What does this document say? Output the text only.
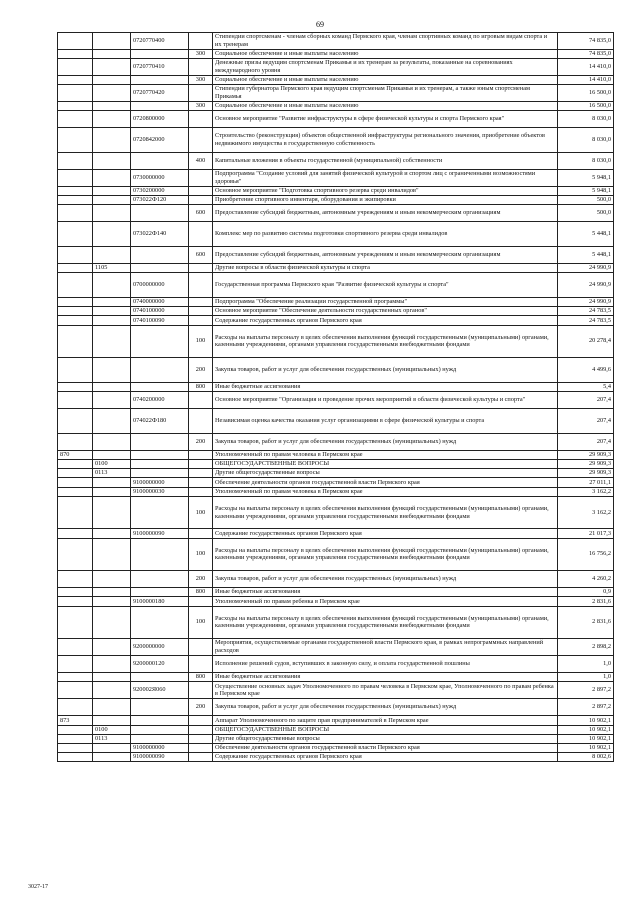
69
		0720770400		Стипендии спортсменам - членам сборных команд Пермского края, членам спортивных команд по игровым видам спорта и их тренерам	74 835,0
			300	Социальное обеспечение и иные выплаты населению	74 835,0
		0720770410		Денежные призы ведущим спортсменам Прикамья и их тренерам за результаты, показанные на соревнованиях международного уровня	14 410,0
			300	Социальное обеспечение и иные выплаты населению	14 410,0
		0720770420		Стипендии губернатора Пермского края ведущим спортсменам Прикамья и их тренерам, а также юным спортсменам Прикамья	16 500,0
			300	Социальное обеспечение и иные выплаты населению	16 500,0
		0720800000		Основное мероприятие "Развитие инфраструктуры в сфере физической культуры и спорта Пермского края"	8 030,0
		0720842000		Строительство (реконструкция) объектов общественной инфраструктуры регионального значения, приобретение объектов недвижимого имущества в государственную собственность	8 030,0
			400	Капитальные вложения в объекты государственной (муниципальной) собственности	8 030,0
		0730000000		Подпрограмма "Создание условий для занятий физической культурой и спортом лиц с ограниченными возможностями здоровья"	5 948,1
		0730200000		Основное мероприятие "Подготовка спортивного резерва среди инвалидов"	5 948,1
		073022Ф120		Приобретение спортивного инвентаря, оборудования и экипировки	500,0
			600	Предоставление субсидий бюджетным, автономным учреждениям и иным некоммерческим организациям	500,0
		073022Ф140		Комплекс мер по развитию системы подготовки спортивного резерва среди инвалидов	5 448,1
			600	Предоставление субсидий бюджетным, автономным учреждениям и иным некоммерческим организациям	5 448,1
	1105			Другие вопросы в области физической культуры и спорта	24 990,9
		0700000000		Государственная программа Пермского края "Развитие физической культуры и спорта"	24 990,9
		0740000000		Подпрограмма "Обеспечение реализации государственной программы"	24 990,9
		0740100000		Основное мероприятие "Обеспечение деятельности государственных органов"	24 783,5
		0740100090		Содержание государственных органов Пермского края	24 783,5
			100	Расходы на выплаты персоналу в целях обеспечения выполнения функций государственными (муниципальными) органами, казенными учреждениями, органами управления государственными внебюджетными фондами	20 278,4
			200	Закупка товаров, работ и услуг для обеспечения государственных (муниципальных) нужд	4 499,6
			800	Иные бюджетные ассигнования	5,4
		0740200000		Основное мероприятие "Организация и проведение прочих мероприятий в области физической культуры и спорта"	207,4
		074022Ф180		Независимая оценка качества оказания услуг организациями в сфере физической культуры и спорта	207,4
			200	Закупка товаров, работ и услуг для обеспечения государственных (муниципальных) нужд	207,4
870				Уполномоченный по правам человека в Пермском крае	29 909,3
	0100			ОБЩЕГОСУДАРСТВЕННЫЕ ВОПРОСЫ	29 909,3
	0113			Другие общегосударственные вопросы	29 909,3
		9100000000		Обеспечение деятельности органов государственной власти Пермского края	27 011,1
		9100000030		Уполномоченный по правам человека в Пермском крае	3 162,2
			100	Расходы на выплаты персоналу в целях обеспечения выполнения функций государственными (муниципальными) органами, казенными учреждениями, органами управления государственными внебюджетными фондами	3 162,2
		9100000090		Содержание государственных органов Пермского края	21 017,3
			100	Расходы на выплаты персоналу в целях обеспечения выполнения функций государственными (муниципальными) органами, казенными учреждениями, органами управления государственными внебюджетными фондами	16 756,2
			200	Закупка товаров, работ и услуг для обеспечения государственных (муниципальных) нужд	4 260,2
			800	Иные бюджетные ассигнования	0,9
		9100000180		Уполномоченный по правам ребенка в Пермском крае	2 831,6
			100	Расходы на выплаты персоналу в целях обеспечения выполнения функций государственными (муниципальными) органами, казенными учреждениями, органами управления государственными внебюджетными фондами	2 831,6
		9200000000		Мероприятия, осуществляемые органами государственной власти Пермского края, в рамках непрограммных направлений расходов	2 898,2
		9200000120		Исполнение решений судов, вступивших в законную силу, и оплата государственной пошлины	1,0
			800	Иные бюджетные ассигнования	1,0
		920002Я060		Осуществление основных задач Уполномоченного по правам человека в Пермском крае, Уполномоченного по правам ребенка в Пермском крае	2 897,2
			200	Закупка товаров, работ и услуг для обеспечения государственных (муниципальных) нужд	2 897,2
873				Аппарат Уполномоченного по защите прав предпринимателей в Пермском крае	10 902,1
	0100			ОБЩЕГОСУДАРСТВЕННЫЕ ВОПРОСЫ	10 902,1
	0113			Другие общегосударственные вопросы	10 902,1
		9100000000		Обеспечение деятельности органов государственной власти Пермского края	10 902,1
		9100000090		Содержание государственных органов Пермского края	8 002,6
3027-17
